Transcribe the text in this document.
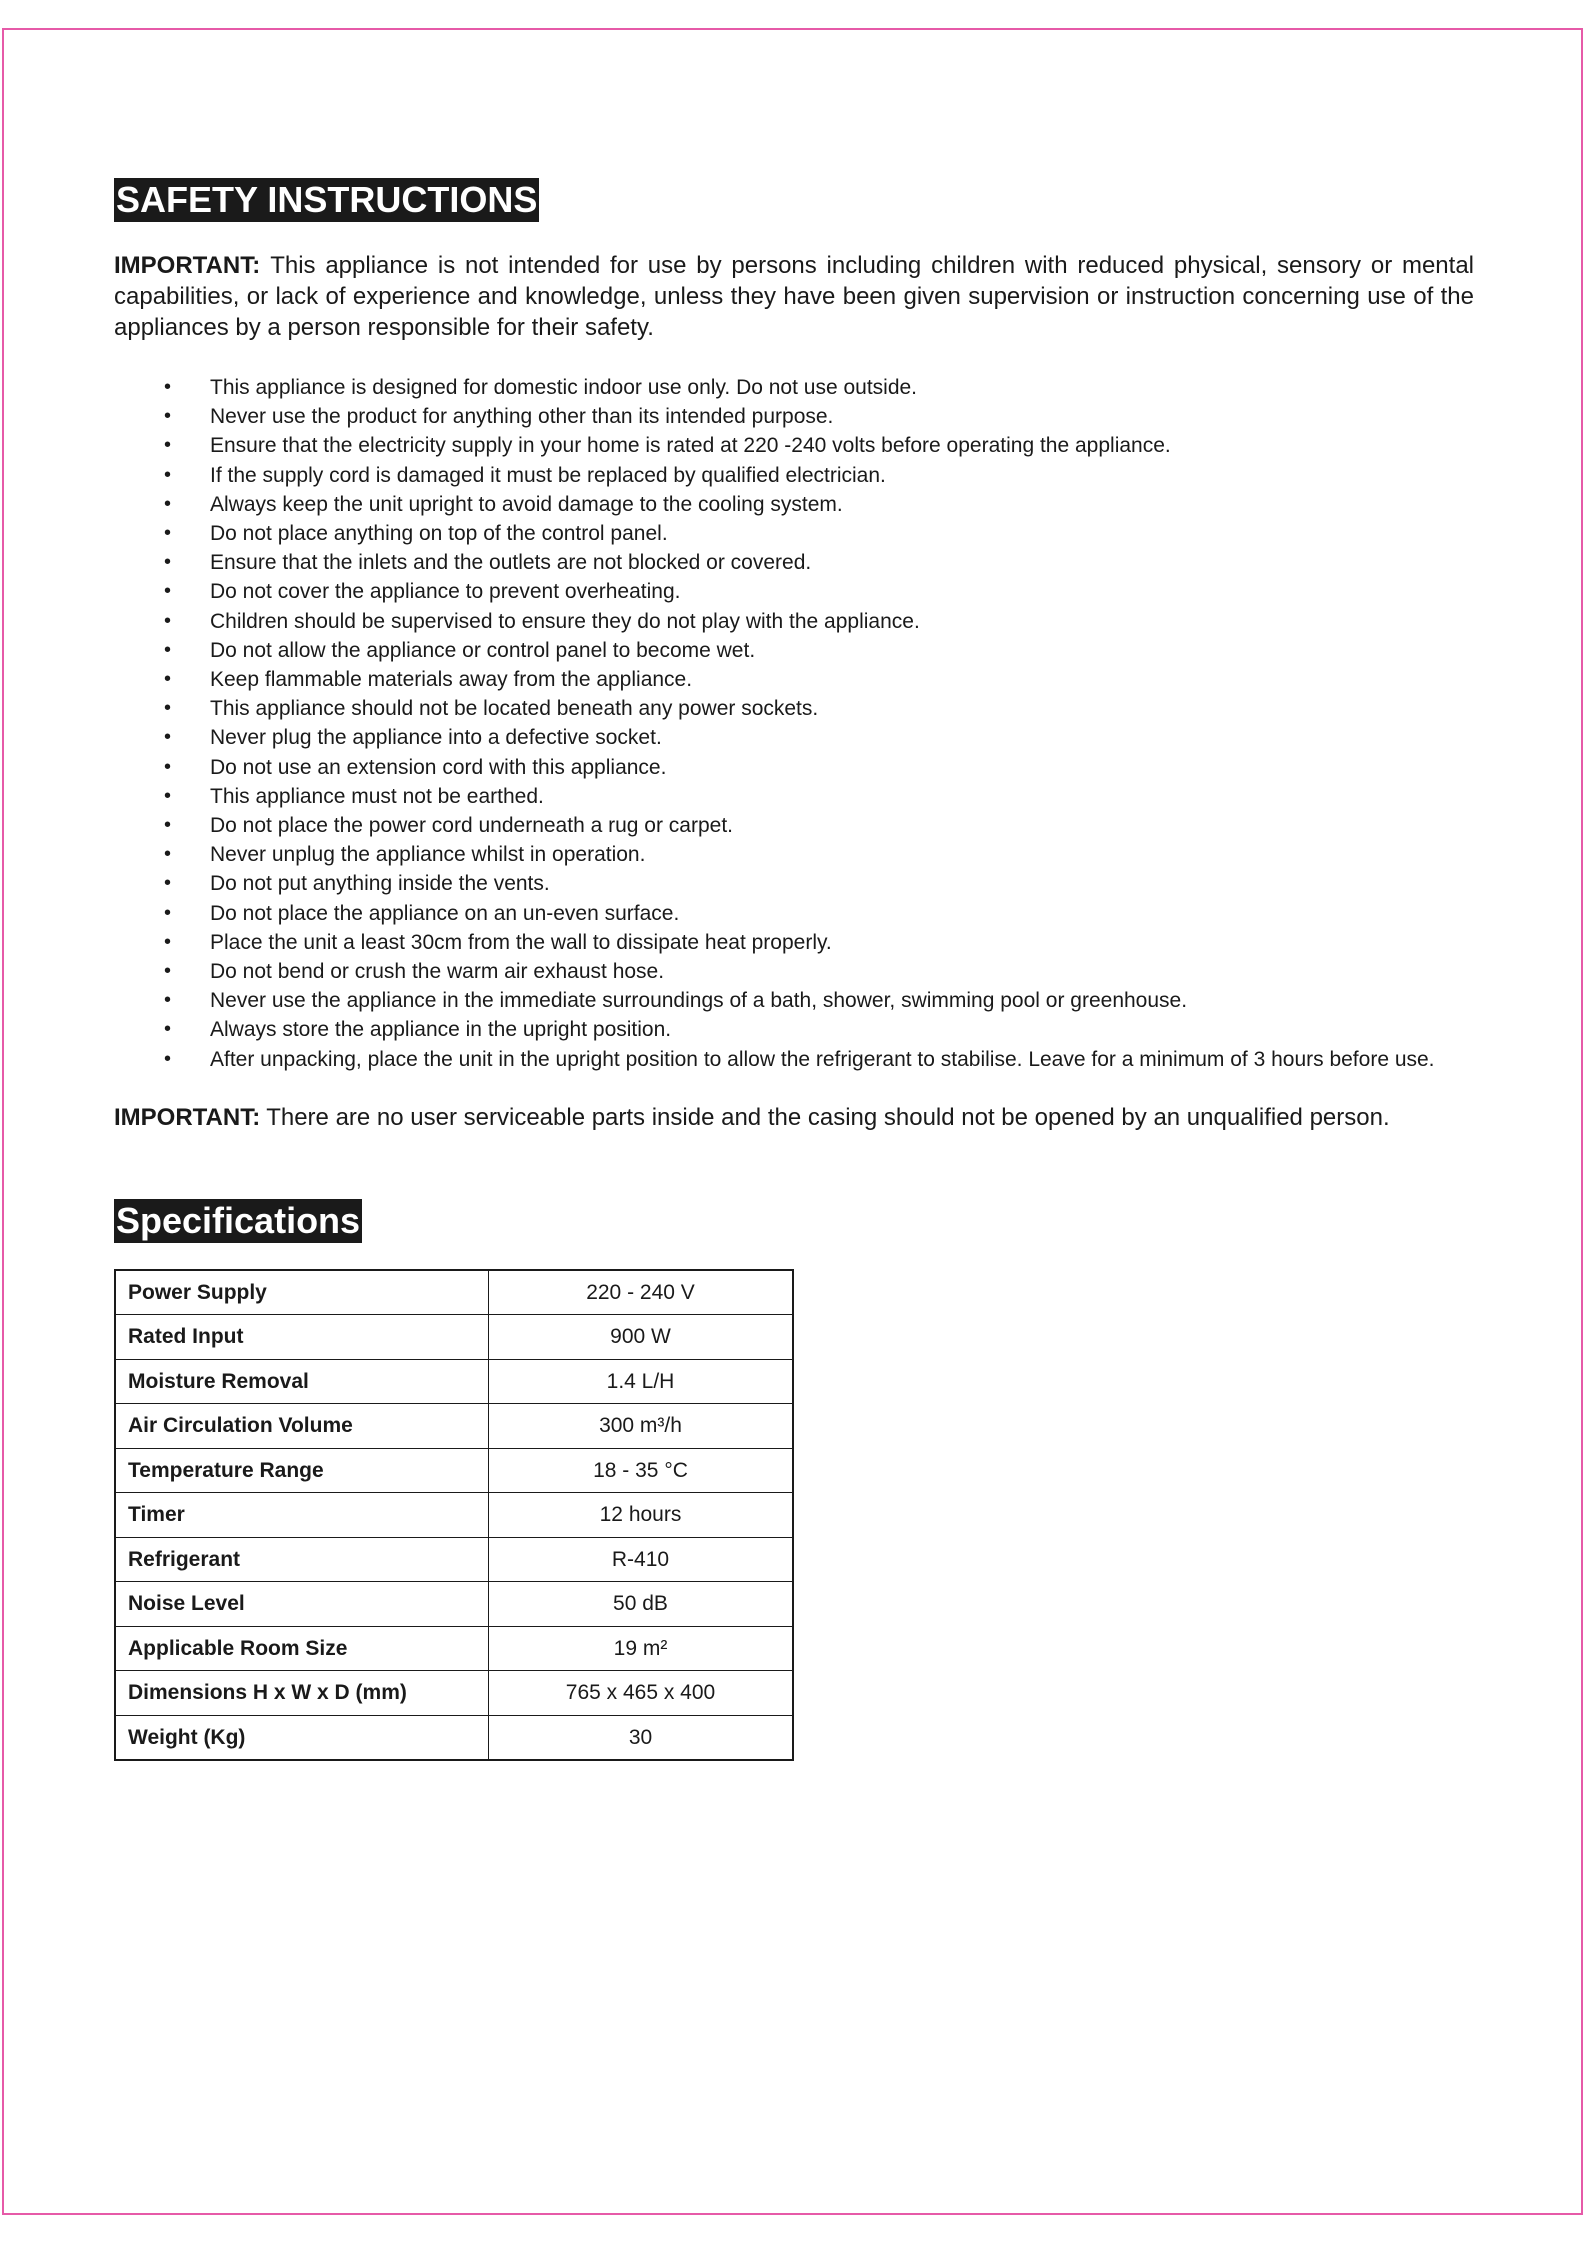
SAFETY INSTRUCTIONS

IMPORTANT: This appliance is not intended for use by persons including children with reduced physical, sensory or mental capabilities, or lack of experience and knowledge, unless they have been given supervision or instruction concerning use of the appliances by a person responsible for their safety.

• This appliance is designed for domestic indoor use only. Do not use outside.
• Never use the product for anything other than its intended purpose.
• Ensure that the electricity supply in your home is rated at 220 -240 volts before operating the appliance.
• If the supply cord is damaged it must be replaced by qualified electrician.
• Always keep the unit upright to avoid damage to the cooling system.
• Do not place anything on top of the control panel.
• Ensure that the inlets and the outlets are not blocked or covered.
• Do not cover the appliance to prevent overheating.
• Children should be supervised to ensure they do not play with the appliance.
• Do not allow the appliance or control panel to become wet.
• Keep flammable materials away from the appliance.
• This appliance should not be located beneath any power sockets.
• Never plug the appliance into a defective socket.
• Do not use an extension cord with this appliance.
• This appliance must not be earthed.
• Do not place the power cord underneath a rug or carpet.
• Never unplug the appliance whilst in operation.
• Do not put anything inside the vents.
• Do not place the appliance on an un-even surface.
• Place the unit a least 30cm from the wall to dissipate heat properly.
• Do not bend or crush the warm air exhaust hose.
• Never use the appliance in the immediate surroundings of a bath, shower, swimming pool or greenhouse.
• Always store the appliance in the upright position.
• After unpacking, place the unit in the upright position to allow the refrigerant to stabilise. Leave for a minimum of 3 hours before use.

IMPORTANT: There are no user serviceable parts inside and the casing should not be opened by an unqualified person.

Specifications
Power Supply	220 - 240 V
Rated Input	900 W
Moisture Removal	1.4 L/H
Air Circulation Volume	300 m³/h
Temperature Range	18 - 35 °C
Timer	12 hours
Refrigerant	R-410
Noise Level	50 dB
Applicable Room Size	19 m²
Dimensions H x W x D (mm)	765 x 465 x 400
Weight (Kg)	30
